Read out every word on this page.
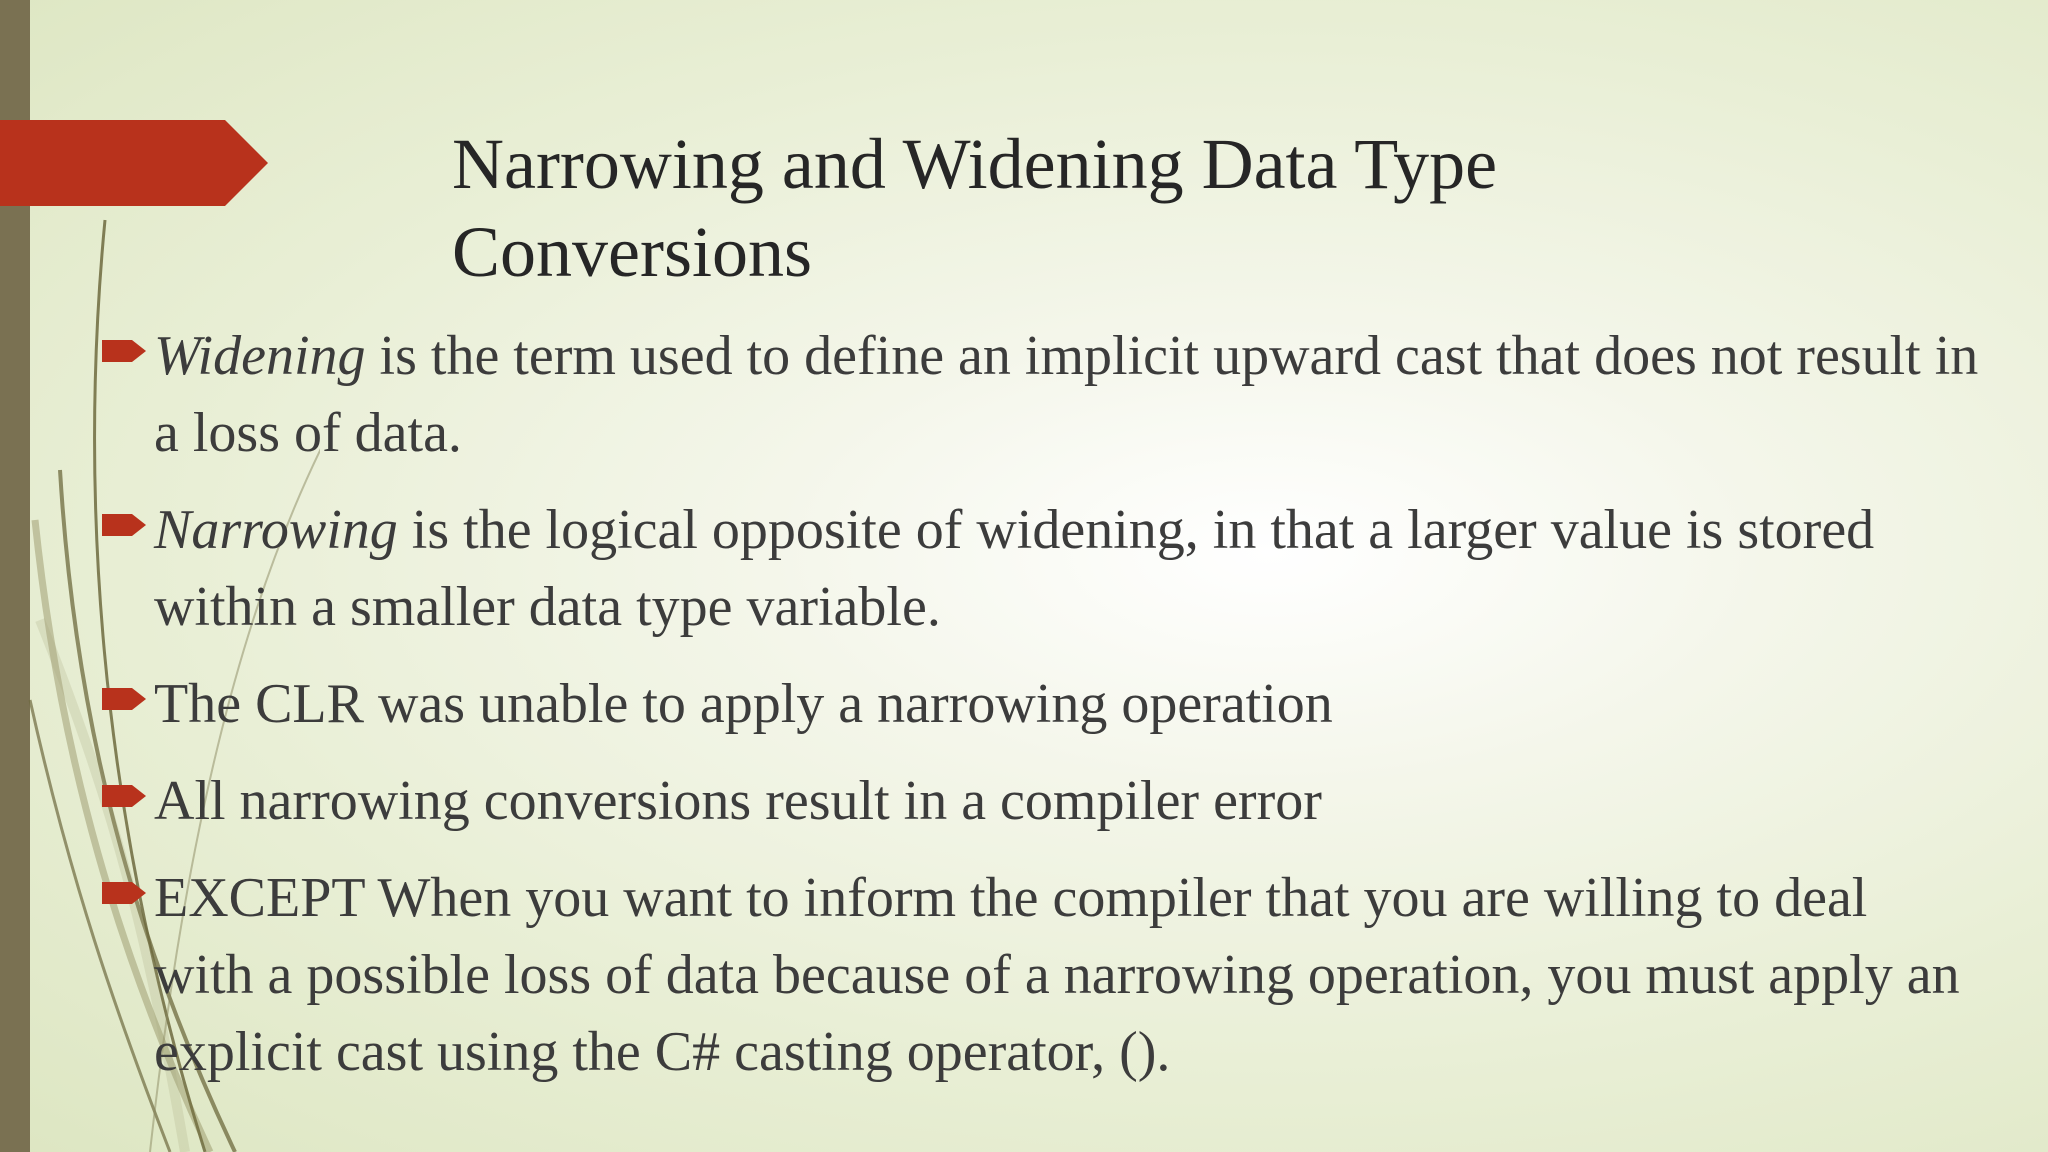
Narrowing and Widening Data Type
Conversions
Widening is the term used to define an implicit upward cast that does not result in a loss of data.
Narrowing is the logical opposite of widening, in that a larger value is stored within a smaller data type variable.
The CLR was unable to apply a narrowing operation
All narrowing conversions result in a compiler error
EXCEPT When you want to inform the compiler that you are willing to deal with a possible loss of data because of a narrowing operation, you must apply an explicit cast using the C# casting operator, ().
